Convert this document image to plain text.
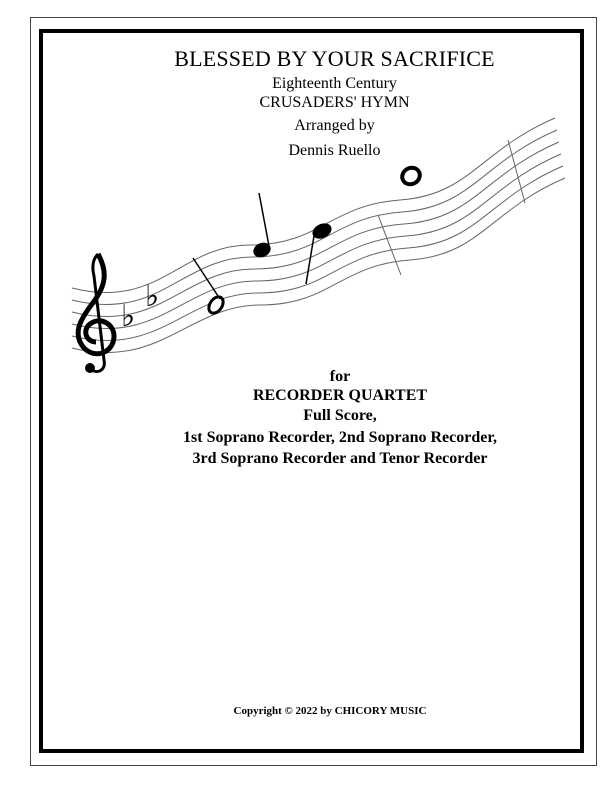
BLESSED BY YOUR SACRIFICE
Eighteenth Century
CRUSADERS' HYMN
Arranged by
Dennis Ruello
♭
♭
for
RECORDER QUARTET
Full Score,
1st Soprano Recorder, 2nd Soprano Recorder,
3rd Soprano Recorder and Tenor Recorder
Copyright © 2022 by CHICORY MUSIC
